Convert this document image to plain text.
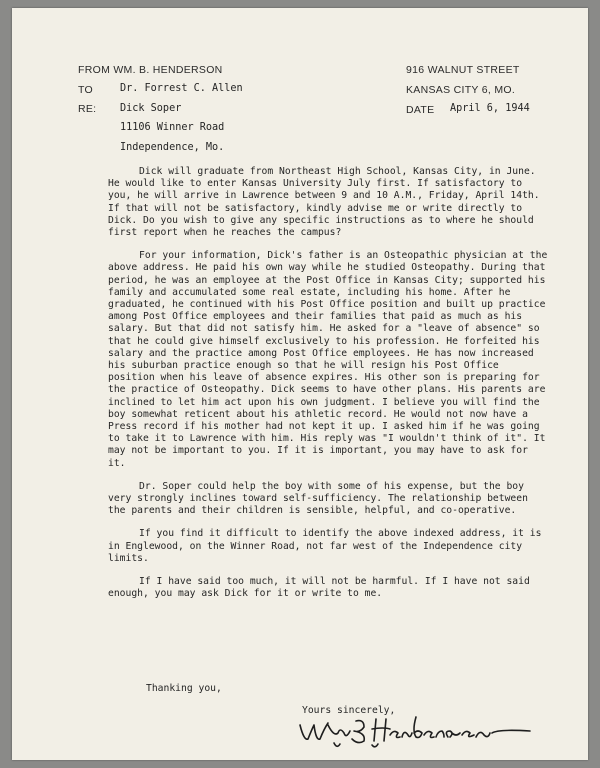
FROM WM. B. HENDERSON
TO
RE:
Dr. Forrest C. Allen
Dick Soper
11106 Winner Road
Independence, Mo.
916 WALNUT STREET
KANSAS CITY 6, MO.
DATE April 6, 1944

Dick will graduate from Northeast High School, Kansas City, in June. He would like to enter Kansas University July first. If satisfactory to you, he will arrive in Lawrence between 9 and 10 A.M., Friday, April 14th. If that will not be satisfactory, kindly advise me or write directly to Dick. Do you wish to give any specific instructions as to where he should first report when he reaches the campus?

For your information, Dick's father is an Osteopathic physician at the above address. He paid his own way while he studied Osteopathy. During that period, he was an employee at the Post Office in Kansas City; supported his family and accumulated some real estate, including his home. After he graduated, he continued with his Post Office position and built up practice among Post Office employees and their families that paid as much as his salary. But that did not satisfy him. He asked for a "leave of absence" so that he could give himself exclusively to his profession. He forfeited his salary and the practice among Post Office employees. He has now increased his suburban practice enough so that he will resign his Post Office position when his leave of absence expires. His other son is preparing for the practice of Osteopathy. Dick seems to have other plans. His parents are inclined to let him act upon his own judgment. I believe you will find the boy somewhat reticent about his athletic record. He would not now have a Press record if his mother had not kept it up. I asked him if he was going to take it to Lawrence with him. His reply was "I wouldn't think of it". It may not be important to you. If it is important, you may have to ask for it.

Dr. Soper could help the boy with some of his expense, but the boy very strongly inclines toward self-sufficiency. The relationship between the parents and their children is sensible, helpful, and co-operative.

If you find it difficult to identify the above indexed address, it is in Englewood, on the Winner Road, not far west of the Independence city limits.

If I have said too much, it will not be harmful. If I have not said enough, you may ask Dick for it or write to me.

Thanking you,
Yours sincerely,
